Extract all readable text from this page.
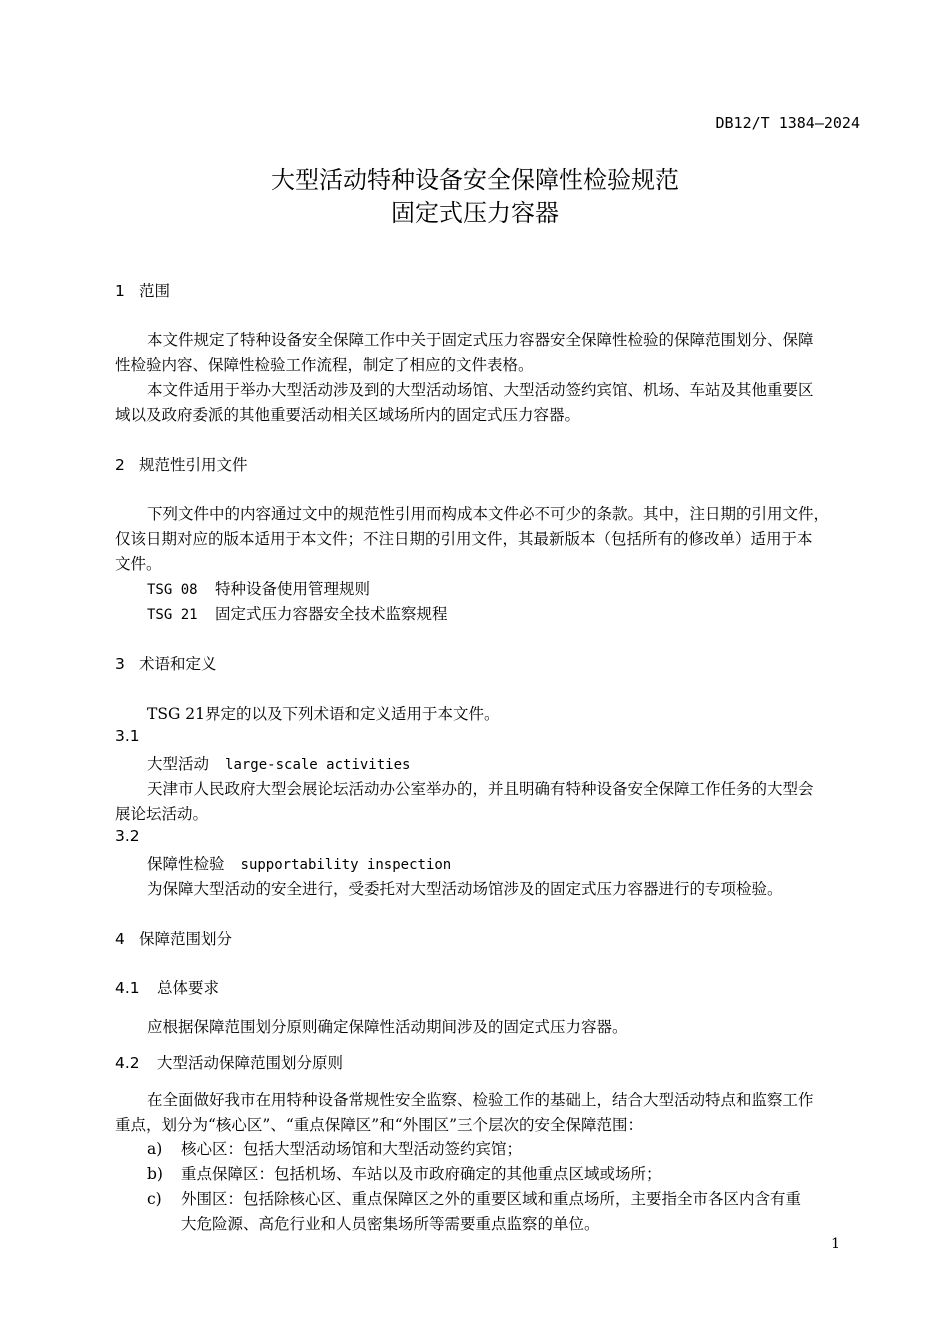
DB12/T 1384—2024
大型活动特种设备安全保障性检验规范
固定式压力容器
1 范围
本文件规定了特种设备安全保障工作中关于固定式压力容器安全保障性检验的保障范围划分、保障
性检验内容、保障性检验工作流程，制定了相应的文件表格。
本文件适用于举办大型活动涉及到的大型活动场馆、大型活动签约宾馆、机场、车站及其他重要区
域以及政府委派的其他重要活动相关区域场所内的固定式压力容器。
2 规范性引用文件
下列文件中的内容通过文中的规范性引用而构成本文件必不可少的条款。其中，注日期的引用文件，
仅该日期对应的版本适用于本文件；不注日期的引用文件，其最新版本（包括所有的修改单）适用于本
文件。
TSG 08 特种设备使用管理规则
TSG 21 固定式压力容器安全技术监察规程
3 术语和定义
TSG 21界定的以及下列术语和定义适用于本文件。
3.1
大型活动 large-scale activities
天津市人民政府大型会展论坛活动办公室举办的，并且明确有特种设备安全保障工作任务的大型会
展论坛活动。
3.2
保障性检验 supportability inspection
为保障大型活动的安全进行，受委托对大型活动场馆涉及的固定式压力容器进行的专项检验。
4 保障范围划分
4.1 总体要求
应根据保障范围划分原则确定保障性活动期间涉及的固定式压力容器。
4.2 大型活动保障范围划分原则
在全面做好我市在用特种设备常规性安全监察、检验工作的基础上，结合大型活动特点和监察工作
重点，划分为“核心区”、“重点保障区”和“外围区”三个层次的安全保障范围：
a) 核心区：包括大型活动场馆和大型活动签约宾馆；
b) 重点保障区：包括机场、车站以及市政府确定的其他重点区域或场所；
c) 外围区：包括除核心区、重点保障区之外的重要区域和重点场所，主要指全市各区内含有重
大危险源、高危行业和人员密集场所等需要重点监察的单位。
1
